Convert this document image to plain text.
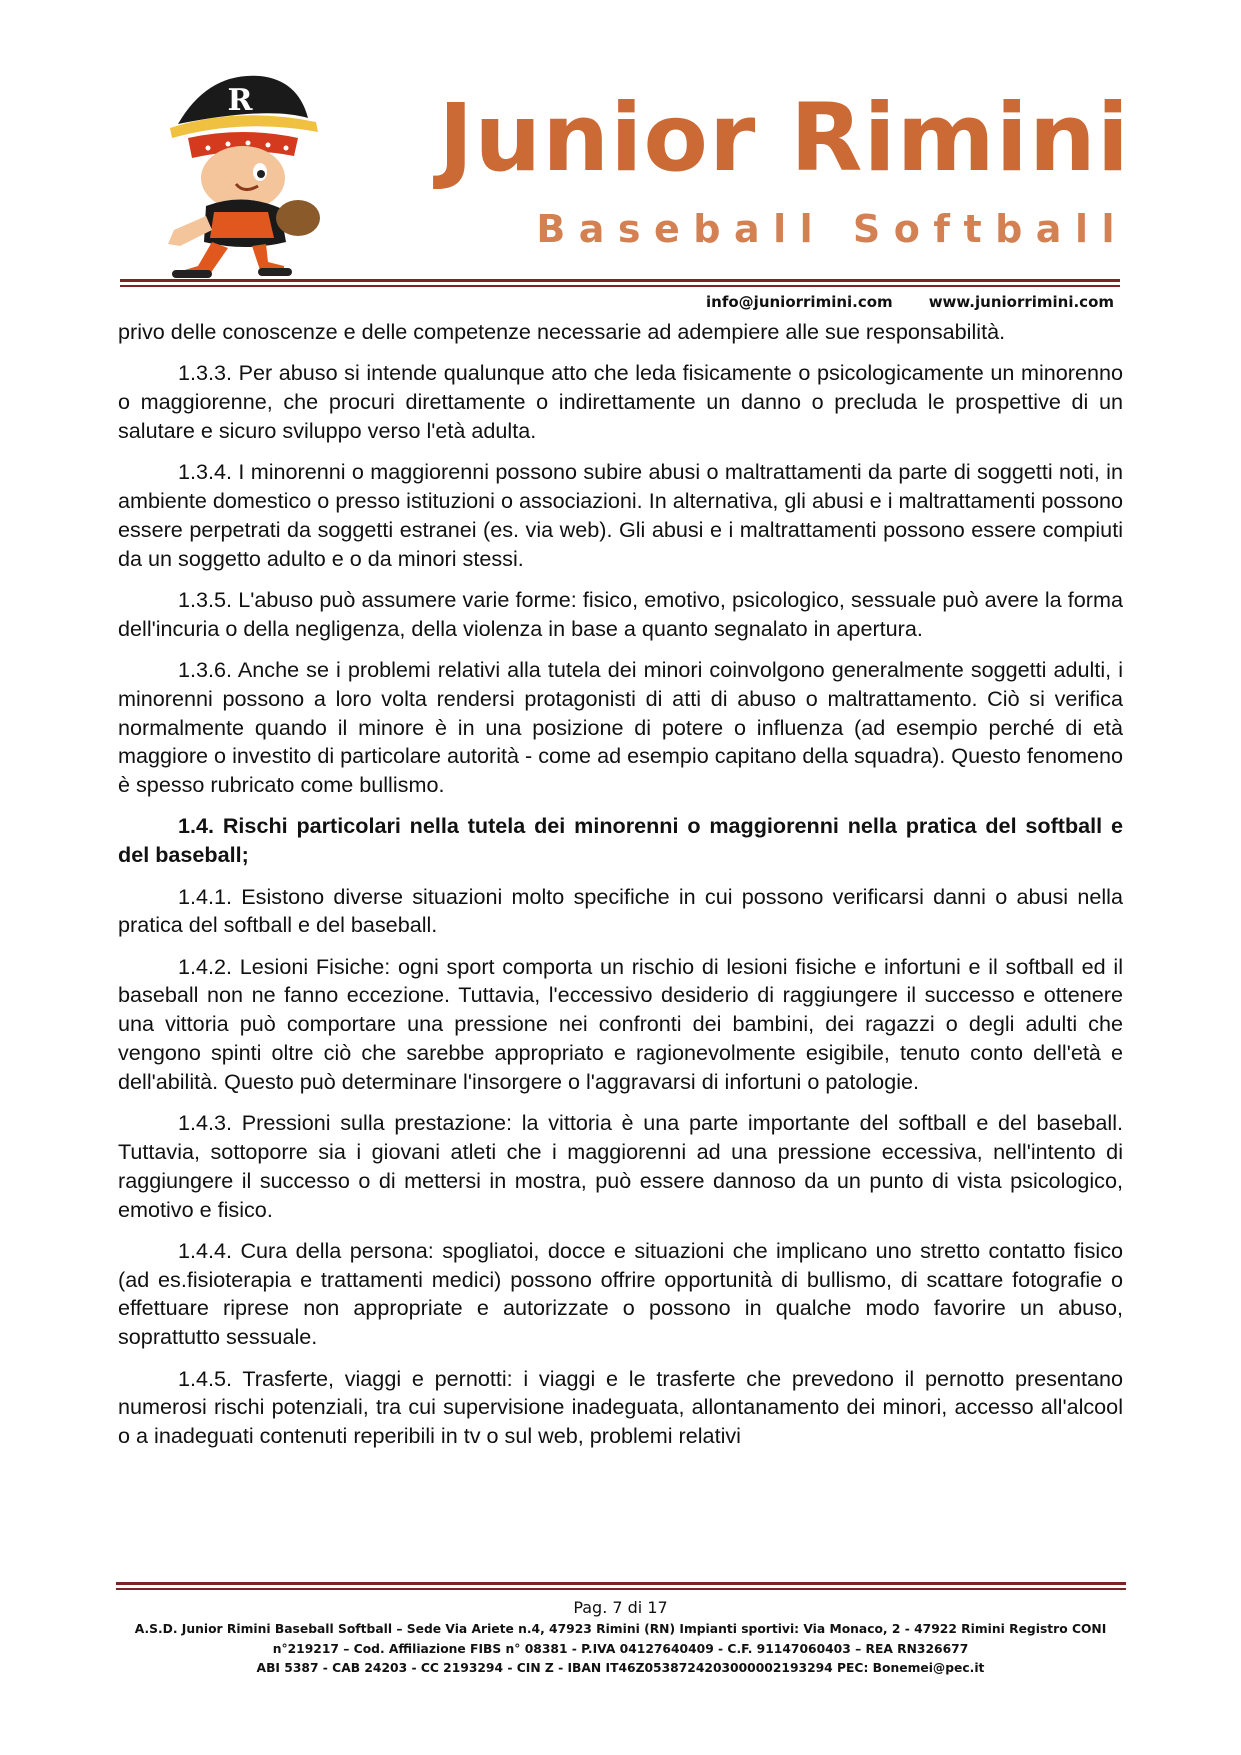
R	Junior Rimini
Baseball Softball
info@juniorrimini.com www.juniorrimini.com

privo delle conoscenze e delle competenze necessarie ad adempiere alle sue responsabilità.

1.3.3. Per abuso si intende qualunque atto che leda fisicamente o psicologicamente un minorenno o maggiorenne, che procuri direttamente o indirettamente un danno o precluda le prospettive di un salutare e sicuro sviluppo verso l'età adulta.

1.3.4. I minorenni o maggiorenni possono subire abusi o maltrattamenti da parte di soggetti noti, in ambiente domestico o presso istituzioni o associazioni. In alternativa, gli abusi e i maltrattamenti possono essere perpetrati da soggetti estranei (es. via web). Gli abusi e i maltrattamenti possono essere compiuti da un soggetto adulto e o da minori stessi.

1.3.5. L'abuso può assumere varie forme: fisico, emotivo, psicologico, sessuale può avere la forma dell'incuria o della negligenza, della violenza in base a quanto segnalato in apertura.

1.3.6. Anche se i problemi relativi alla tutela dei minori coinvolgono generalmente soggetti adulti, i minorenni possono a loro volta rendersi protagonisti di atti di abuso o maltrattamento. Ciò si verifica normalmente quando il minore è in una posizione di potere o influenza (ad esempio perché di età maggiore o investito di particolare autorità - come ad esempio capitano della squadra). Questo fenomeno è spesso rubricato come bullismo.

1.4. Rischi particolari nella tutela dei minorenni o maggiorenni nella pratica del softball e del baseball;

1.4.1. Esistono diverse situazioni molto specifiche in cui possono verificarsi danni o abusi nella pratica del softball e del baseball.

1.4.2. Lesioni Fisiche: ogni sport comporta un rischio di lesioni fisiche e infortuni e il softball ed il baseball non ne fanno eccezione. Tuttavia, l'eccessivo desiderio di raggiungere il successo e ottenere una vittoria può comportare una pressione nei confronti dei bambini, dei ragazzi o degli adulti che vengono spinti oltre ciò che sarebbe appropriato e ragionevolmente esigibile, tenuto conto dell'età e dell'abilità. Questo può determinare l'insorgere o l'aggravarsi di infortuni o patologie.

1.4.3. Pressioni sulla prestazione: la vittoria è una parte importante del softball e del baseball. Tuttavia, sottoporre sia i giovani atleti che i maggiorenni ad una pressione eccessiva, nell'intento di raggiungere il successo o di mettersi in mostra, può essere dannoso da un punto di vista psicologico, emotivo e fisico.

1.4.4. Cura della persona: spogliatoi, docce e situazioni che implicano uno stretto contatto fisico (ad es.fisioterapia e trattamenti medici) possono offrire opportunità di bullismo, di scattare fotografie o effettuare riprese non appropriate e autorizzate o possono in qualche modo favorire un abuso, soprattutto sessuale.

1.4.5. Trasferte, viaggi e pernotti: i viaggi e le trasferte che prevedono il pernotto presentano numerosi rischi potenziali, tra cui supervisione inadeguata, allontanamento dei minori, accesso all'alcool o a inadeguati contenuti reperibili in tv o sul web, problemi relativi

Pag. 7 di 17
A.S.D. Junior Rimini Baseball Softball – Sede Via Ariete n.4, 47923 Rimini (RN) Impianti sportivi: Via Monaco, 2 - 47922 Rimini Registro CONI
n°219217 – Cod. Affiliazione FIBS n° 08381 - P.IVA 04127640409 - C.F. 91147060403 – REA RN326677
ABI 5387 - CAB 24203 - CC 2193294 - CIN Z - IBAN IT46Z0538724203000002193294 PEC: Bonemei@pec.it
